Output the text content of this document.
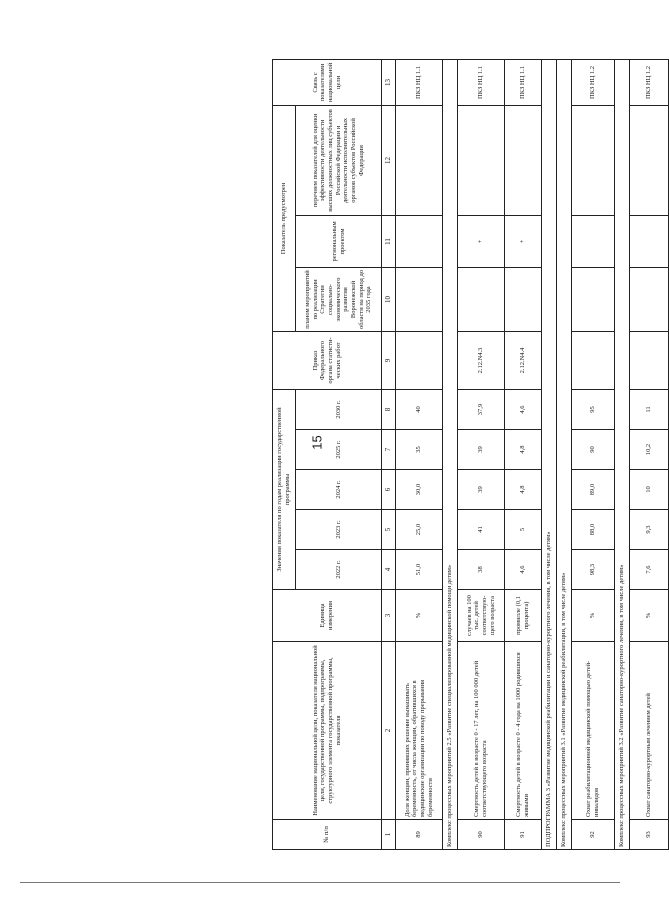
15
№ п/п	Наименование национальной цели, показателя национальной цели, государственной программы, подпрограммы, структурного элемента государственной программы, показателя	Единица измерения	Значения показателя по годам реализации государственной программы					Приказ Федерального органа статисти-ческих работ	Показатель предусмотрен			Связь с показателями национальной цели
			2022 г.	2023 г.	2024 г.	2025 г.	2030 г.		планом мероприятий по реализации Стратегии социально-экономического развития Воронежской области на период до 2035 года	региональным проектом	перечнем показателей для оценки эффективности деятельности высших должностных лиц субъектов Российской Федерации и деятельности исполнительных органов субъектов Российской Федерации	
1	2	3	4	5	6	7	8	9	10	11	12	13
89	Доля женщин, принявших решение вынашивать беременность, от числа женщин, обратившихся в медицинские организации по поводу прерывания беременности	%	51,0	25,0	30,0	35	40					ПКЗ НЦ 1.1
Комплекс процессных мероприятий 2.5 «Развитие специализированной медицинской помощи детям»												
90	Смертность детей в возрасте 0 - 17 лет, на 100 000 детей соответствующего возраста	случаев на 100 тыс. детей соответствую-щего возраста	38	41	39	39	37,9	2.12.N4.3		+		ПКЗ НЦ 1.1
91	Смертность детей в возрасте 0 - 4 года на 1000 родившихся живыми	промилле (0,1 процента)	4,6	5	4,8	4,8	4,6	2.12.N4.4		+		ПКЗ НЦ 1.1
ПОДПРОГРАММА 3 «Развитие медицинской реабилитации и санаторно-курортного лечения, в том числе детям»												
Комплекс процессных мероприятий 3.1 «Развитие медицинской реабилитации, в том числе детям»												
92	Охват реабилитационной медицинской помощью детей-инвалидов	%	98,3	88,0	89,0	90	95					ПКЗ НЦ 1.2
Комплекс процессных мероприятий 3.2 «Развитие санаторно-курортного лечения, в том числе детям»												
93	Охват санаторно-курортным лечением детей	%	7,6	9,3	10	10,2	11					ПКЗ НЦ 1.2
